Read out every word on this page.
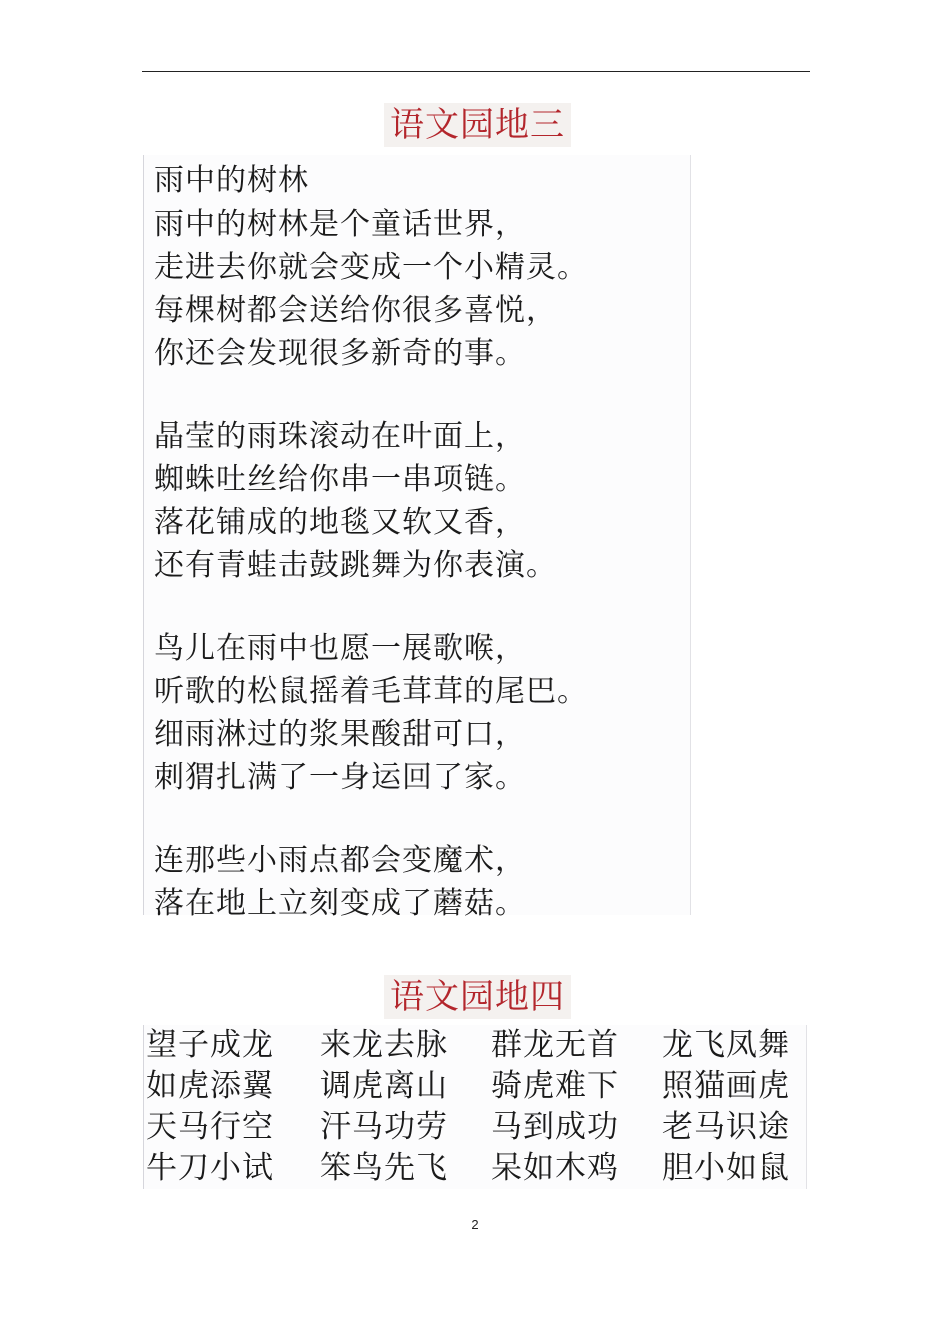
语文园地三
雨中的树林
雨中的树林是个童话世界，
走进去你就会变成一个小精灵。
每棵树都会送给你很多喜悦，
你还会发现很多新奇的事。
晶莹的雨珠滚动在叶面上，
蜘蛛吐丝给你串一串项链。
落花铺成的地毯又软又香，
还有青蛙击鼓跳舞为你表演。
鸟儿在雨中也愿一展歌喉，
听歌的松鼠摇着毛茸茸的尾巴。
细雨淋过的浆果酸甜可口，
刺猬扎满了一身运回了家。
连那些小雨点都会变魔术，
落在地上立刻变成了蘑菇。
语文园地四
望子成龙 来龙去脉 群龙无首 龙飞凤舞
如虎添翼 调虎离山 骑虎难下 照猫画虎
天马行空 汗马功劳 马到成功 老马识途
牛刀小试 笨鸟先飞 呆如木鸡 胆小如鼠
2
